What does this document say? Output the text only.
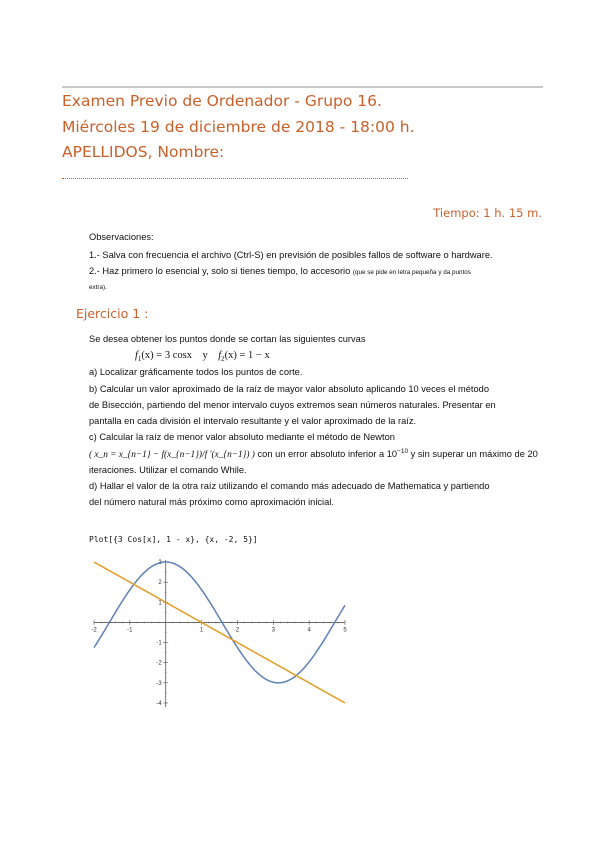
Examen Previo de Ordenador - Grupo 16.
Miércoles 19 de diciembre de 2018 - 18:00 h.
APELLIDOS, Nombre:
Tiempo: 1 h. 15 m.
Observaciones:
1.- Salva con frecuencia el archivo (Ctrl-S) en previsión de posibles fallos de software o hardware.
2.- Haz primero lo esencial y, solo si tienes tiempo, lo accesorio (que se pide en letra pequeña y da puntos
extra).
Ejercicio 1 :
Se desea obtener los puntos donde se cortan las siguientes curvas
$f_1(x) = 3$ cosx y $f_2(x) = 1 - x$
a) Localizar gráficamente todos los puntos de corte.
b) Calcular un valor aproximado de la raíz de mayor valor absoluto aplicando 10 veces el método
de Bisección, partiendo del menor intervalo cuyos extremos sean números naturales. Presentar en
pantalla en cada división el intervalo resultante y el valor aproximado de la raíz.
c) Calcular la raíz de menor valor absoluto mediante el método de Newton
( x_n = x_{n−1} − f(x_{n−1})/f '(x_{n−1}) ) con un error absoluto inferior a $10^{-10}$ y sin superar un máximo de 20
iteraciones. Utilizar el comando While.
d) Hallar el valor de la otra raíz utilizando el comando más adecuado de Mathematica y partiendo
del número natural más próximo como aproximación inicial.
Plot[{3 Cos[x], 1 - x}, {x, -2, 5}]
-2	-1	1	2	3	4	5
-4
-3
-2
-1
1
2
3
